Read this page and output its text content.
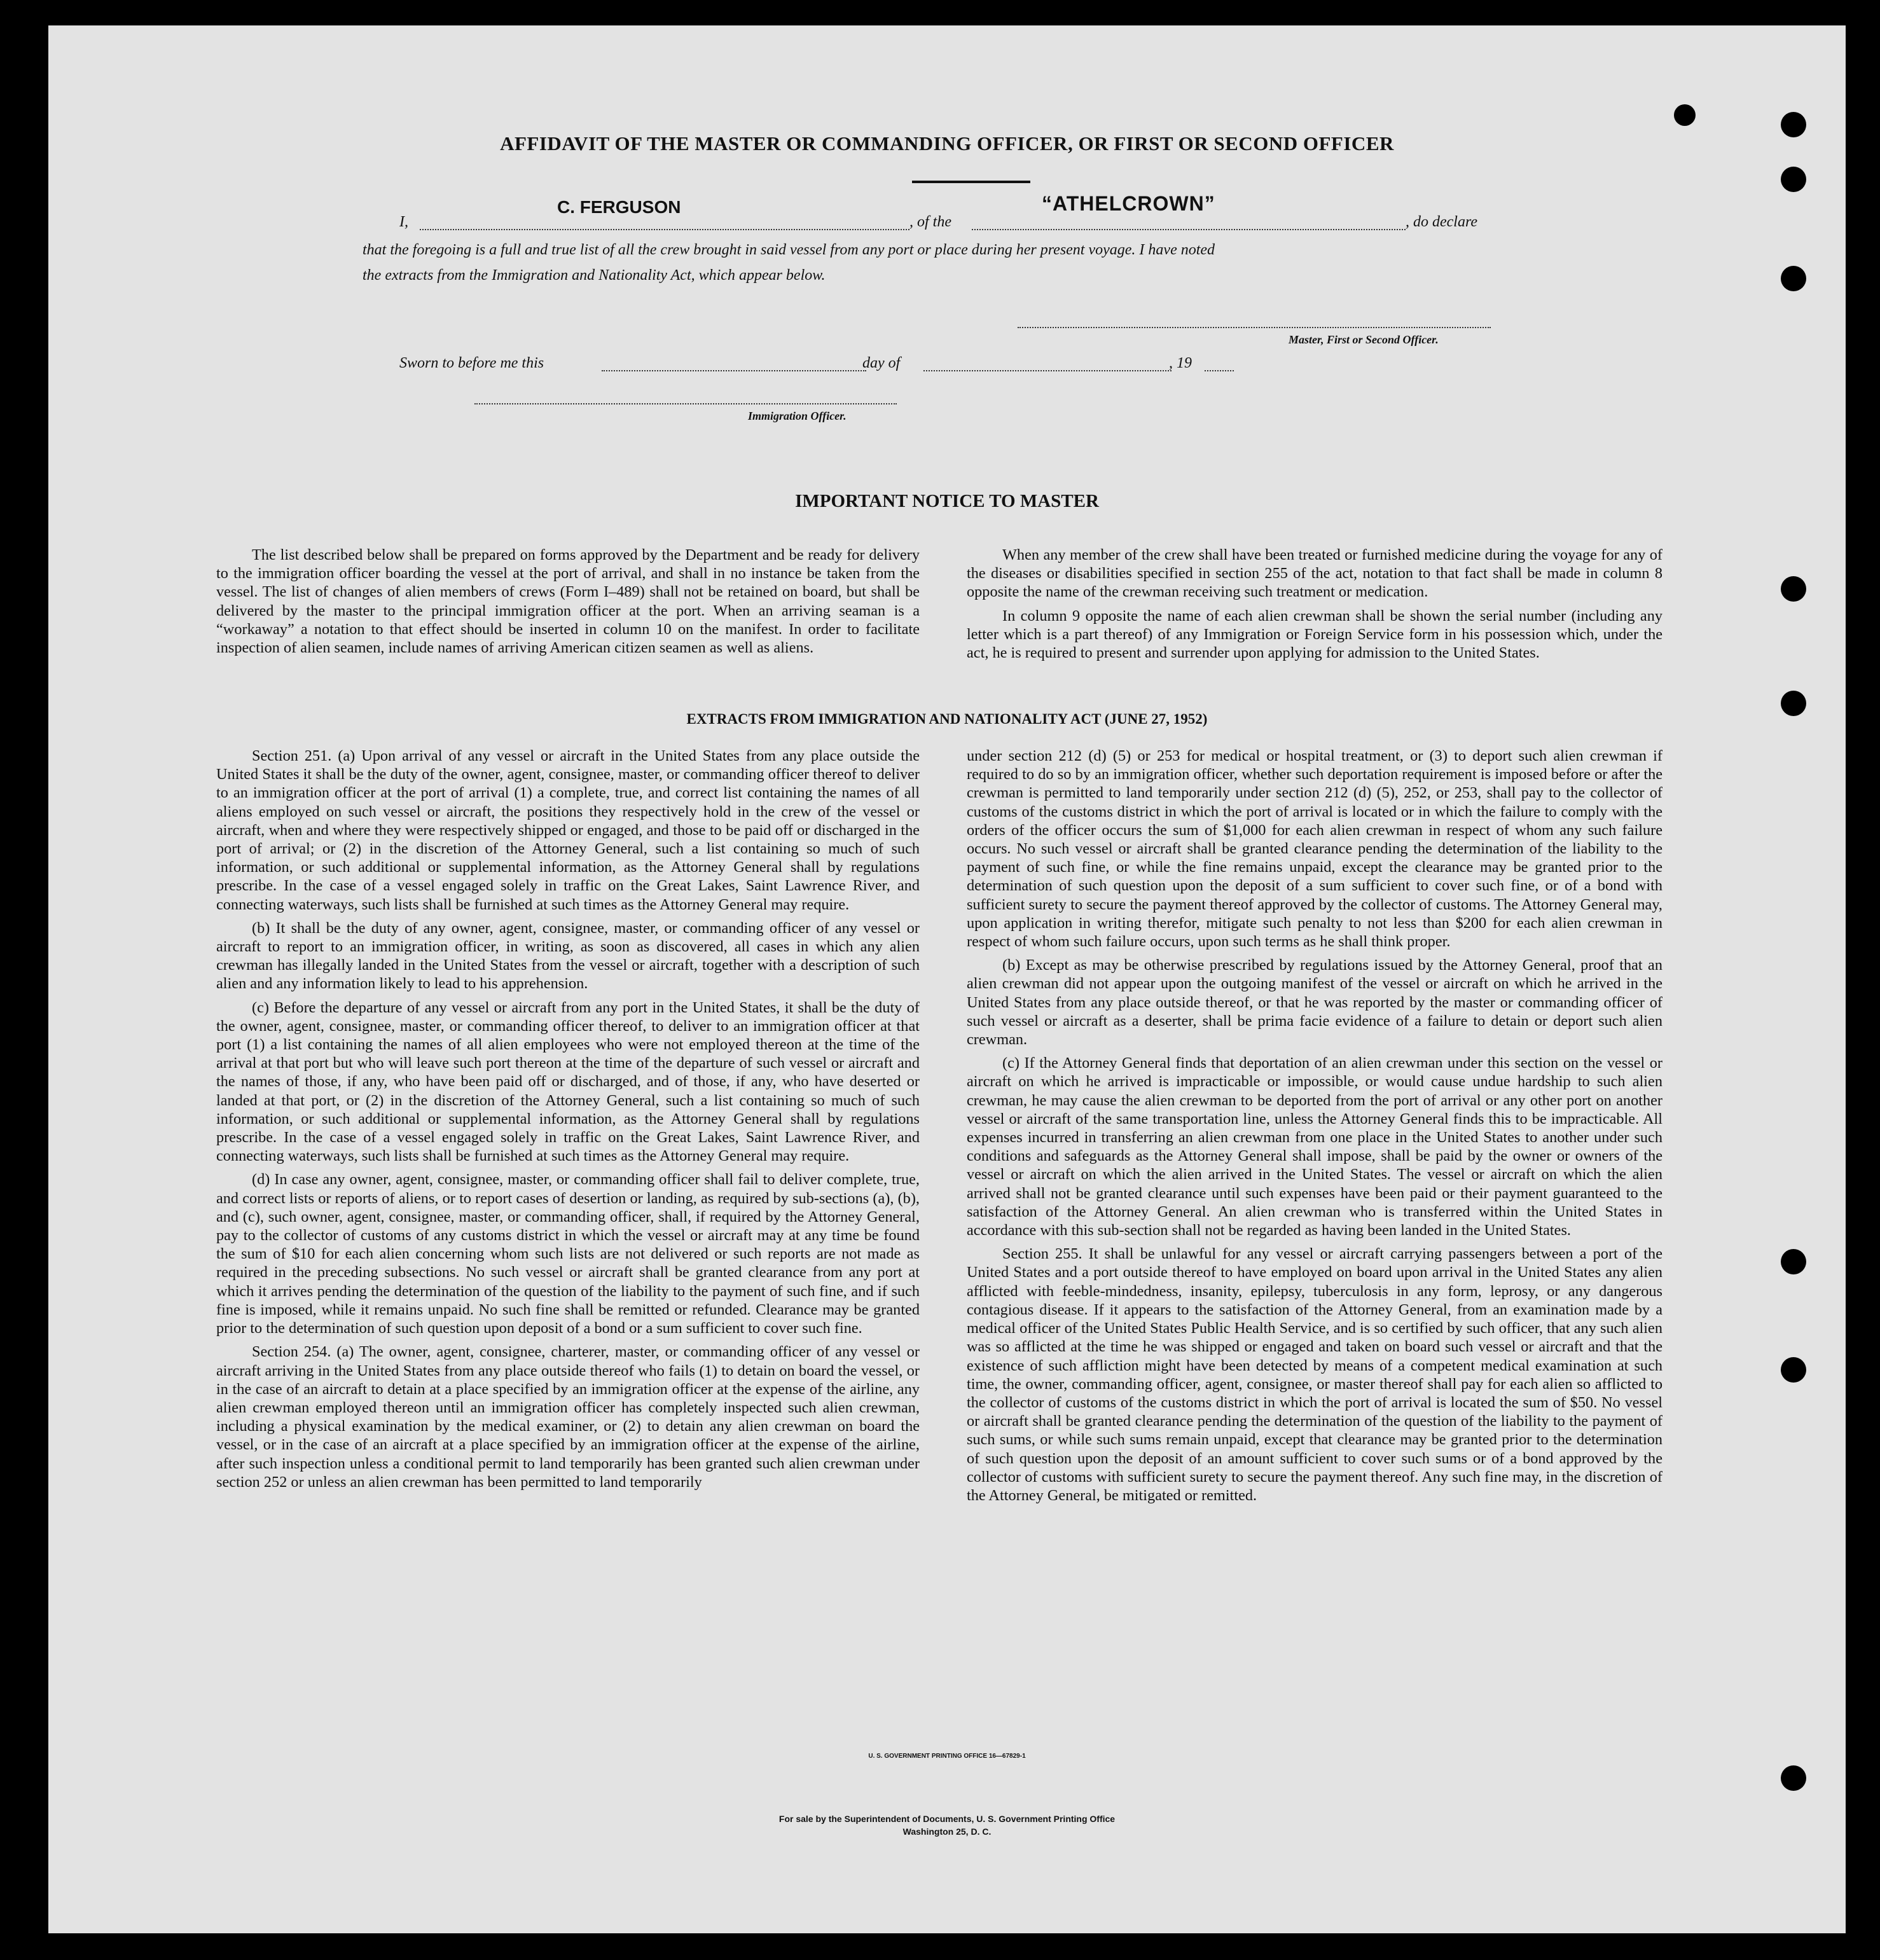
AFFIDAVIT OF THE MASTER OR COMMANDING OFFICER, OR FIRST OR SECOND OFFICER
I,
C. FERGUSON
, of the
“ATHELCROWN”
, do declare
that the foregoing is a full and true list of all the crew brought in said vessel from any port or place during her present voyage. I have noted
the extracts from the Immigration and Nationality Act, which appear below.
Master, First or Second Officer.
Sworn to before me this	day of	, 19
Immigration Officer.
IMPORTANT NOTICE TO MASTER

The list described below shall be prepared on forms approved by the Department and be ready for delivery to the immigration officer boarding the vessel at the port of arrival, and shall in no instance be taken from the vessel. The list of changes of alien members of crews (Form I–489) shall not be retained on board, but shall be delivered by the master to the principal immigration officer at the port. When an arriving seaman is a “workaway” a notation to that effect should be inserted in column 10 on the manifest. In order to facilitate inspection of alien seamen, include names of arriving American citizen seamen as well as aliens.

When any member of the crew shall have been treated or furnished medicine during the voyage for any of the diseases or disabilities specified in section 255 of the act, notation to that fact shall be made in column 8 opposite the name of the crewman receiving such treatment or medication.

In column 9 opposite the name of each alien crewman shall be shown the serial number (including any letter which is a part thereof) of any Immigration or Foreign Service form in his possession which, under the act, he is required to present and surrender upon applying for admission to the United States.

EXTRACTS FROM IMMIGRATION AND NATIONALITY ACT (JUNE 27, 1952)

Section 251. (a) Upon arrival of any vessel or aircraft in the United States from any place outside the United States it shall be the duty of the owner, agent, consignee, master, or commanding officer thereof to deliver to an immigration officer at the port of arrival (1) a complete, true, and correct list containing the names of all aliens employed on such vessel or aircraft, the positions they respectively hold in the crew of the vessel or aircraft, when and where they were respectively shipped or engaged, and those to be paid off or discharged in the port of arrival; or (2) in the discretion of the Attorney General, such a list containing so much of such information, or such additional or supplemental information, as the Attorney General shall by regulations prescribe. In the case of a vessel engaged solely in traffic on the Great Lakes, Saint Lawrence River, and connecting waterways, such lists shall be furnished at such times as the Attorney General may require.

(b) It shall be the duty of any owner, agent, consignee, master, or commanding officer of any vessel or aircraft to report to an immigration officer, in writing, as soon as discovered, all cases in which any alien crewman has illegally landed in the United States from the vessel or aircraft, together with a description of such alien and any information likely to lead to his apprehension.

(c) Before the departure of any vessel or aircraft from any port in the United States, it shall be the duty of the owner, agent, consignee, master, or commanding officer thereof, to deliver to an immigration officer at that port (1) a list containing the names of all alien employees who were not employed thereon at the time of the arrival at that port but who will leave such port thereon at the time of the departure of such vessel or aircraft and the names of those, if any, who have been paid off or discharged, and of those, if any, who have deserted or landed at that port, or (2) in the discretion of the Attorney General, such a list containing so much of such information, or such additional or supplemental information, as the Attorney General shall by regulations prescribe. In the case of a vessel engaged solely in traffic on the Great Lakes, Saint Lawrence River, and connecting waterways, such lists shall be furnished at such times as the Attorney General may require.

(d) In case any owner, agent, consignee, master, or commanding officer shall fail to deliver complete, true, and correct lists or reports of aliens, or to report cases of desertion or landing, as required by sub-sections (a), (b), and (c), such owner, agent, consignee, master, or commanding officer, shall, if required by the Attorney General, pay to the collector of customs of any customs district in which the vessel or aircraft may at any time be found the sum of $10 for each alien concerning whom such lists are not delivered or such reports are not made as required in the preceding subsections. No such vessel or aircraft shall be granted clearance from any port at which it arrives pending the determination of the question of the liability to the payment of such fine, and if such fine is imposed, while it remains unpaid. No such fine shall be remitted or refunded. Clearance may be granted prior to the determination of such question upon deposit of a bond or a sum sufficient to cover such fine.

Section 254. (a) The owner, agent, consignee, charterer, master, or commanding officer of any vessel or aircraft arriving in the United States from any place outside thereof who fails (1) to detain on board the vessel, or in the case of an aircraft to detain at a place specified by an immigration officer at the expense of the airline, any alien crewman employed thereon until an immigration officer has completely inspected such alien crewman, including a physical examination by the medical examiner, or (2) to detain any alien crewman on board the vessel, or in the case of an aircraft at a place specified by an immigration officer at the expense of the airline, after such inspection unless a conditional permit to land temporarily has been granted such alien crewman under section 252 or unless an alien crewman has been permitted to land temporarily

under section 212 (d) (5) or 253 for medical or hospital treatment, or (3) to deport such alien crewman if required to do so by an immigration officer, whether such deportation requirement is imposed before or after the crewman is permitted to land temporarily under section 212 (d) (5), 252, or 253, shall pay to the collector of customs of the customs district in which the port of arrival is located or in which the failure to comply with the orders of the officer occurs the sum of $1,000 for each alien crewman in respect of whom any such failure occurs. No such vessel or aircraft shall be granted clearance pending the determination of the liability to the payment of such fine, or while the fine remains unpaid, except the clearance may be granted prior to the determination of such question upon the deposit of a sum sufficient to cover such fine, or of a bond with sufficient surety to secure the payment thereof approved by the collector of customs. The Attorney General may, upon application in writing therefor, mitigate such penalty to not less than $200 for each alien crewman in respect of whom such failure occurs, upon such terms as he shall think proper.

(b) Except as may be otherwise prescribed by regulations issued by the Attorney General, proof that an alien crewman did not appear upon the outgoing manifest of the vessel or aircraft on which he arrived in the United States from any place outside thereof, or that he was reported by the master or commanding officer of such vessel or aircraft as a deserter, shall be prima facie evidence of a failure to detain or deport such alien crewman.

(c) If the Attorney General finds that deportation of an alien crewman under this section on the vessel or aircraft on which he arrived is impracticable or impossible, or would cause undue hardship to such alien crewman, he may cause the alien crewman to be deported from the port of arrival or any other port on another vessel or aircraft of the same transportation line, unless the Attorney General finds this to be impracticable. All expenses incurred in transferring an alien crewman from one place in the United States to another under such conditions and safeguards as the Attorney General shall impose, shall be paid by the owner or owners of the vessel or aircraft on which the alien arrived in the United States. The vessel or aircraft on which the alien arrived shall not be granted clearance until such expenses have been paid or their payment guaranteed to the satisfaction of the Attorney General. An alien crewman who is transferred within the United States in accordance with this sub-section shall not be regarded as having been landed in the United States.

Section 255. It shall be unlawful for any vessel or aircraft carrying passengers between a port of the United States and a port outside thereof to have employed on board upon arrival in the United States any alien afflicted with feeble-mindedness, insanity, epilepsy, tuberculosis in any form, leprosy, or any dangerous contagious disease. If it appears to the satisfaction of the Attorney General, from an examination made by a medical officer of the United States Public Health Service, and is so certified by such officer, that any such alien was so afflicted at the time he was shipped or engaged and taken on board such vessel or aircraft and that the existence of such affliction might have been detected by means of a competent medical examination at such time, the owner, commanding officer, agent, consignee, or master thereof shall pay for each alien so afflicted to the collector of customs of the customs district in which the port of arrival is located the sum of $50. No vessel or aircraft shall be granted clearance pending the determination of the question of the liability to the payment of such sums, or while such sums remain unpaid, except that clearance may be granted prior to the determination of such question upon the deposit of an amount sufficient to cover such sums or of a bond approved by the collector of customs with sufficient surety to secure the payment thereof. Any such fine may, in the discretion of the Attorney General, be mitigated or remitted.

U. S. GOVERNMENT PRINTING OFFICE 16—67829-1
For sale by the Superintendent of Documents, U. S. Government Printing Office
Washington 25, D. C.
